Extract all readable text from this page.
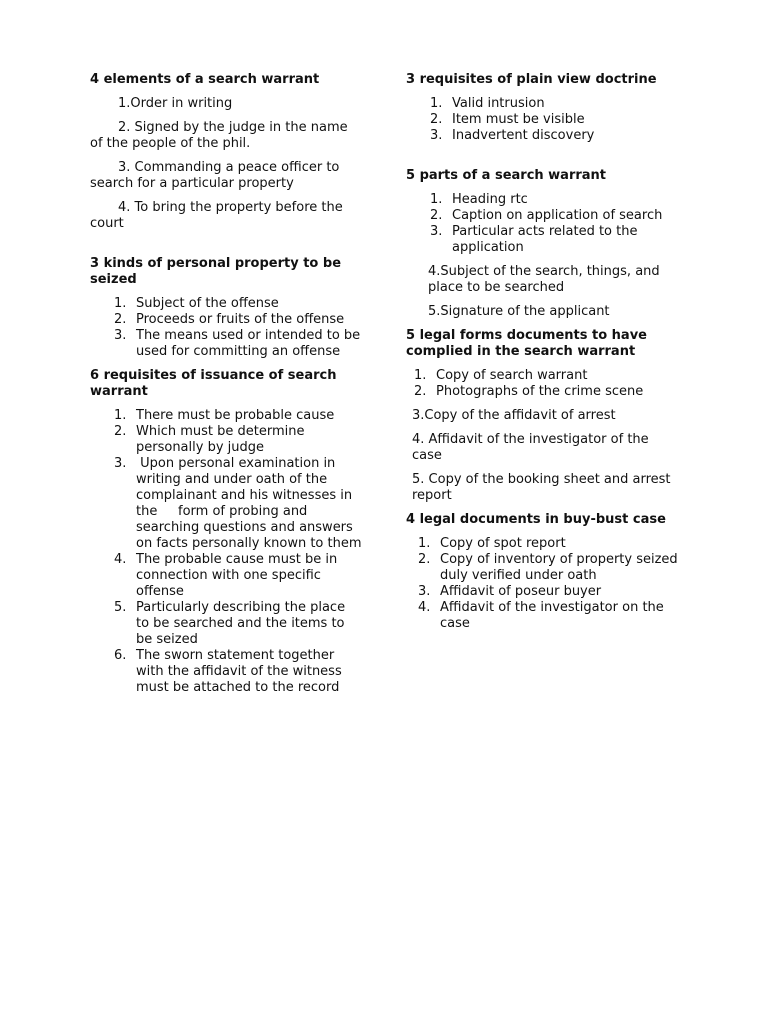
4 elements of a search warrant

1.Order in writing

2. Signed by the judge in the name of the people of the phil.

3. Commanding a peace officer to search for a particular property

4. To bring the property before the court

3 kinds of personal property to be seized

1. Subject of the offense
2. Proceeds or fruits of the offense
3. The means used or intended to be used for committing an offense

6 requisites of issuance of search warrant

1. There must be probable cause
2. Which must be determine personally by judge
3. Upon personal examination in writing and under oath of the complainant and his witnesses in the     form of probing and searching questions and answers on facts personally known to them
4. The probable cause must be in connection with one specific offense
5. Particularly describing the place to be searched and the items to be seized
6. The sworn statement together with the affidavit of the witness must be attached to the record

3 requisites of plain view doctrine

1. Valid intrusion
2. Item must be visible
3. Inadvertent discovery

5 parts of a search warrant

1. Heading rtc
2. Caption on application of search
3. Particular acts related to the application

4.Subject of the search, things, and place to be searched

5.Signature of the applicant

5 legal forms documents to have complied in the search warrant

1. Copy of search warrant
2. Photographs of the crime scene

3.Copy of the affidavit of arrest

4. Affidavit of the investigator of the case

5. Copy of the booking sheet and arrest report

4 legal documents in buy-bust case

1. Copy of spot report
2. Copy of inventory of property seized duly verified under oath
3. Affidavit of poseur buyer
4. Affidavit of the investigator on the case
